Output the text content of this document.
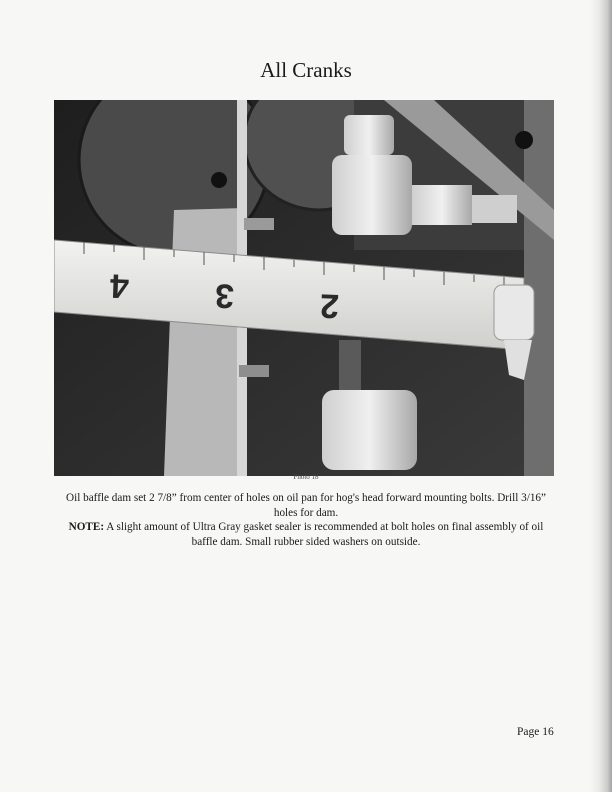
All Cranks
4 3 2
Photo 18

Oil baffle dam set 2 7/8” from center of holes on oil pan for hog's head forward mounting bolts. Drill 3/16” holes for dam.

NOTE: A slight amount of Ultra Gray gasket sealer is recommended at bolt holes on final assembly of oil baffle dam. Small rubber sided washers on outside.

Page 16
